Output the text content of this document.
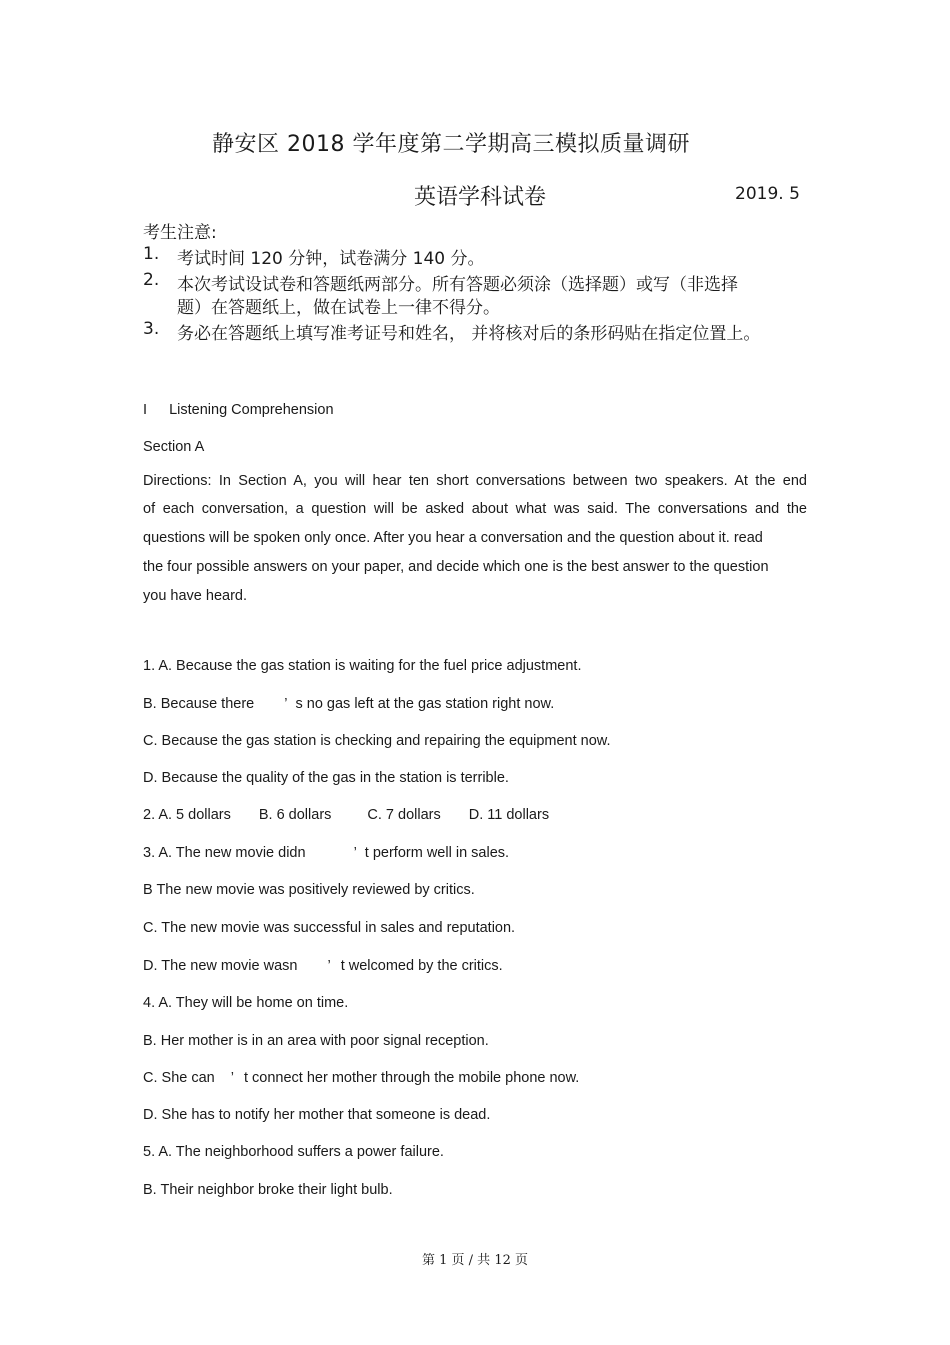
静安区 2018 学年度第二学期高三模拟质量调研
英语学科试卷	2019. 5
考生注意:
1. 考试时间 120 分钟，试卷满分 140 分。
2. 本次考试设试卷和答题纸两部分。所有答题必须涂（选择题）或写（非选择
题）在答题纸上，做在试卷上一律不得分。
3. 务必在答题纸上填写准考证号和姓名， 并将核对后的条形码贴在指定位置上。
I Listening Comprehension
Section A
Directions: In Section A, you will hear ten short conversations between two speakers. At the end
of each conversation, a question will be asked about what was said. The conversations and the
questions will be spoken only once. After you hear a conversation and the question about it. read
the four possible answers on your paper, and decide which one is the best answer to the question
you have heard.
1. A. Because the gas station is waiting for the fuel price adjustment.
B. Because there ’ s no gas left at the gas station right now.
C. Because the gas station is checking and repairing the equipment now.
D. Because the quality of the gas in the station is terrible.
2. A. 5 dollars B. 6 dollars C. 7 dollars D. 11 dollars
3. A. The new movie didn	’ t perform well in sales.
B The new movie was positively reviewed by critics.
C. The new movie was successful in sales and reputation.
D. The new movie wasn ’ t welcomed by the critics.
4. A. They will be home on time.
B. Her mother is in an area with poor signal reception.
C. She can ’ t connect her mother through the mobile phone now.
D. She has to notify her mother that someone is dead.
5. A. The neighborhood suffers a power failure.
B. Their neighbor broke their light bulb.
第 1 页 / 共 12 页
